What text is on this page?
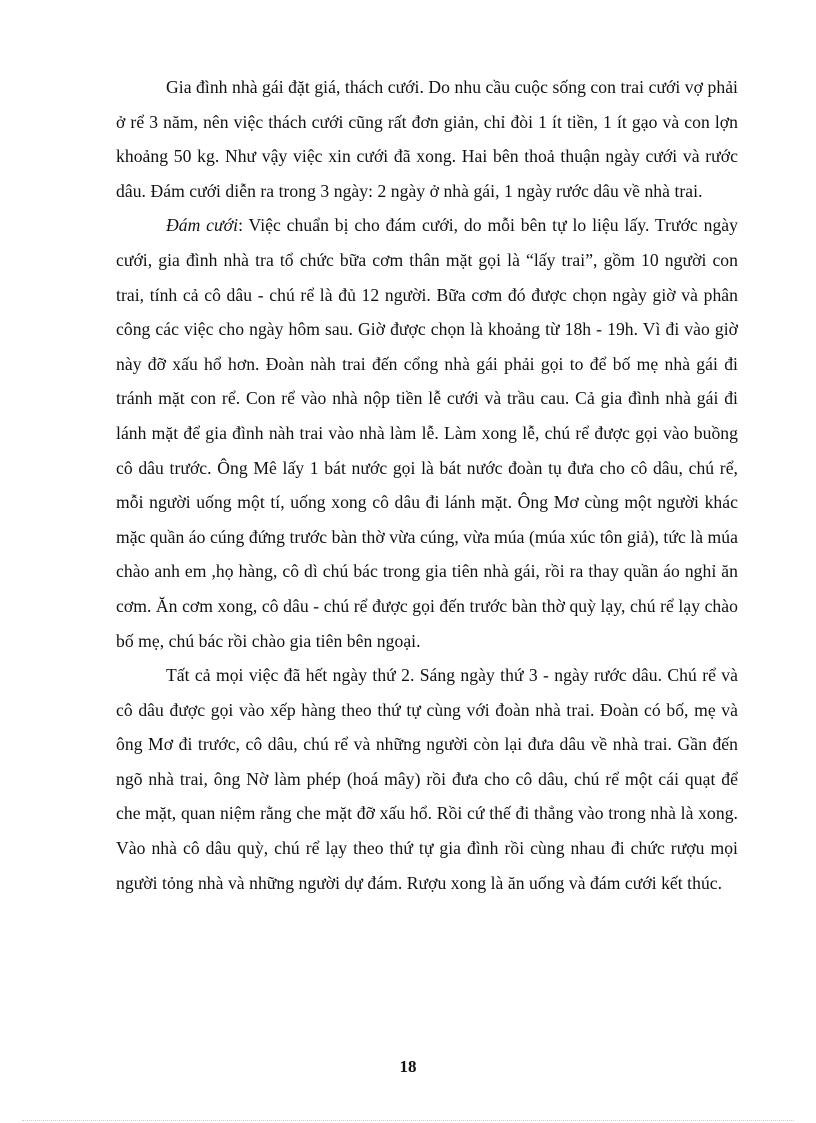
Gia đình nhà gái đặt giá, thách cưới. Do nhu cầu cuộc sống con trai cưới vợ phải ở rể 3 năm, nên việc thách cưới cũng rất đơn giản, chỉ đòi 1 ít tiền, 1 ít gạo và con lợn khoảng 50 kg. Như vậy việc xin cưới đã xong. Hai bên thoả thuận ngày cưới và rước dâu. Đám cưới diễn ra trong 3 ngày: 2 ngày ở nhà gái, 1 ngày rước dâu về nhà trai.

Đám cưới: Việc chuẩn bị cho đám cưới, do mỗi bên tự lo liệu lấy. Trước ngày cưới, gia đình nhà tra tổ chức bữa cơm thân mặt gọi là “lấy trai”, gồm 10 người con trai, tính cả cô dâu - chú rể là đủ 12 người. Bữa cơm đó được chọn ngày giờ và phân công các việc cho ngày hôm sau. Giờ được chọn là khoảng từ 18h - 19h. Vì đi vào giờ này đỡ xấu hổ hơn. Đoàn nàh trai đến cổng nhà gái phải gọi to để bố mẹ nhà gái đi tránh mặt con rể. Con rể vào nhà nộp tiền lễ cưới và trầu cau. Cả gia đình nhà gái đi lánh mặt để gia đình nàh trai vào nhà làm lễ. Làm xong lễ, chú rể được gọi vào buồng cô dâu trước. Ông Mê lấy 1 bát nước gọi là bát nước đoàn tụ đưa cho cô dâu, chú rể, mỗi người uống một tí, uống xong cô dâu đi lánh mặt. Ông Mơ cùng một người khác mặc quần áo cúng đứng trước bàn thờ vừa cúng, vừa múa (múa xúc tôn giả), tức là múa chào anh em ,họ hàng, cô dì chú bác trong gia tiên nhà gái, rồi ra thay quần áo nghỉ ăn cơm. Ăn cơm xong, cô dâu - chú rể được gọi đến trước bàn thờ quỳ lạy, chú rể lạy chào bố mẹ, chú bác rồi chào gia tiên bên ngoại.

Tất cả mọi việc đã hết ngày thứ 2. Sáng ngày thứ 3 - ngày rước dâu. Chú rể và cô dâu được gọi vào xếp hàng theo thứ tự cùng với đoàn nhà trai. Đoàn có bố, mẹ và ông Mơ đi trước, cô dâu, chú rể và những người còn lại đưa dâu về nhà trai. Gần đến ngõ nhà trai, ông Nờ làm phép (hoá mây) rồi đưa cho cô dâu, chú rể một cái quạt để che mặt, quan niệm rằng che mặt đỡ xấu hổ. Rồi cứ thế đi thẳng vào trong nhà là xong. Vào nhà cô dâu quỳ, chú rể lạy theo thứ tự gia đình rồi cùng nhau đi chức rượu mọi người tỏng nhà và những người dự đám. Rượu xong là ăn uống và đám cưới kết thúc.

18
